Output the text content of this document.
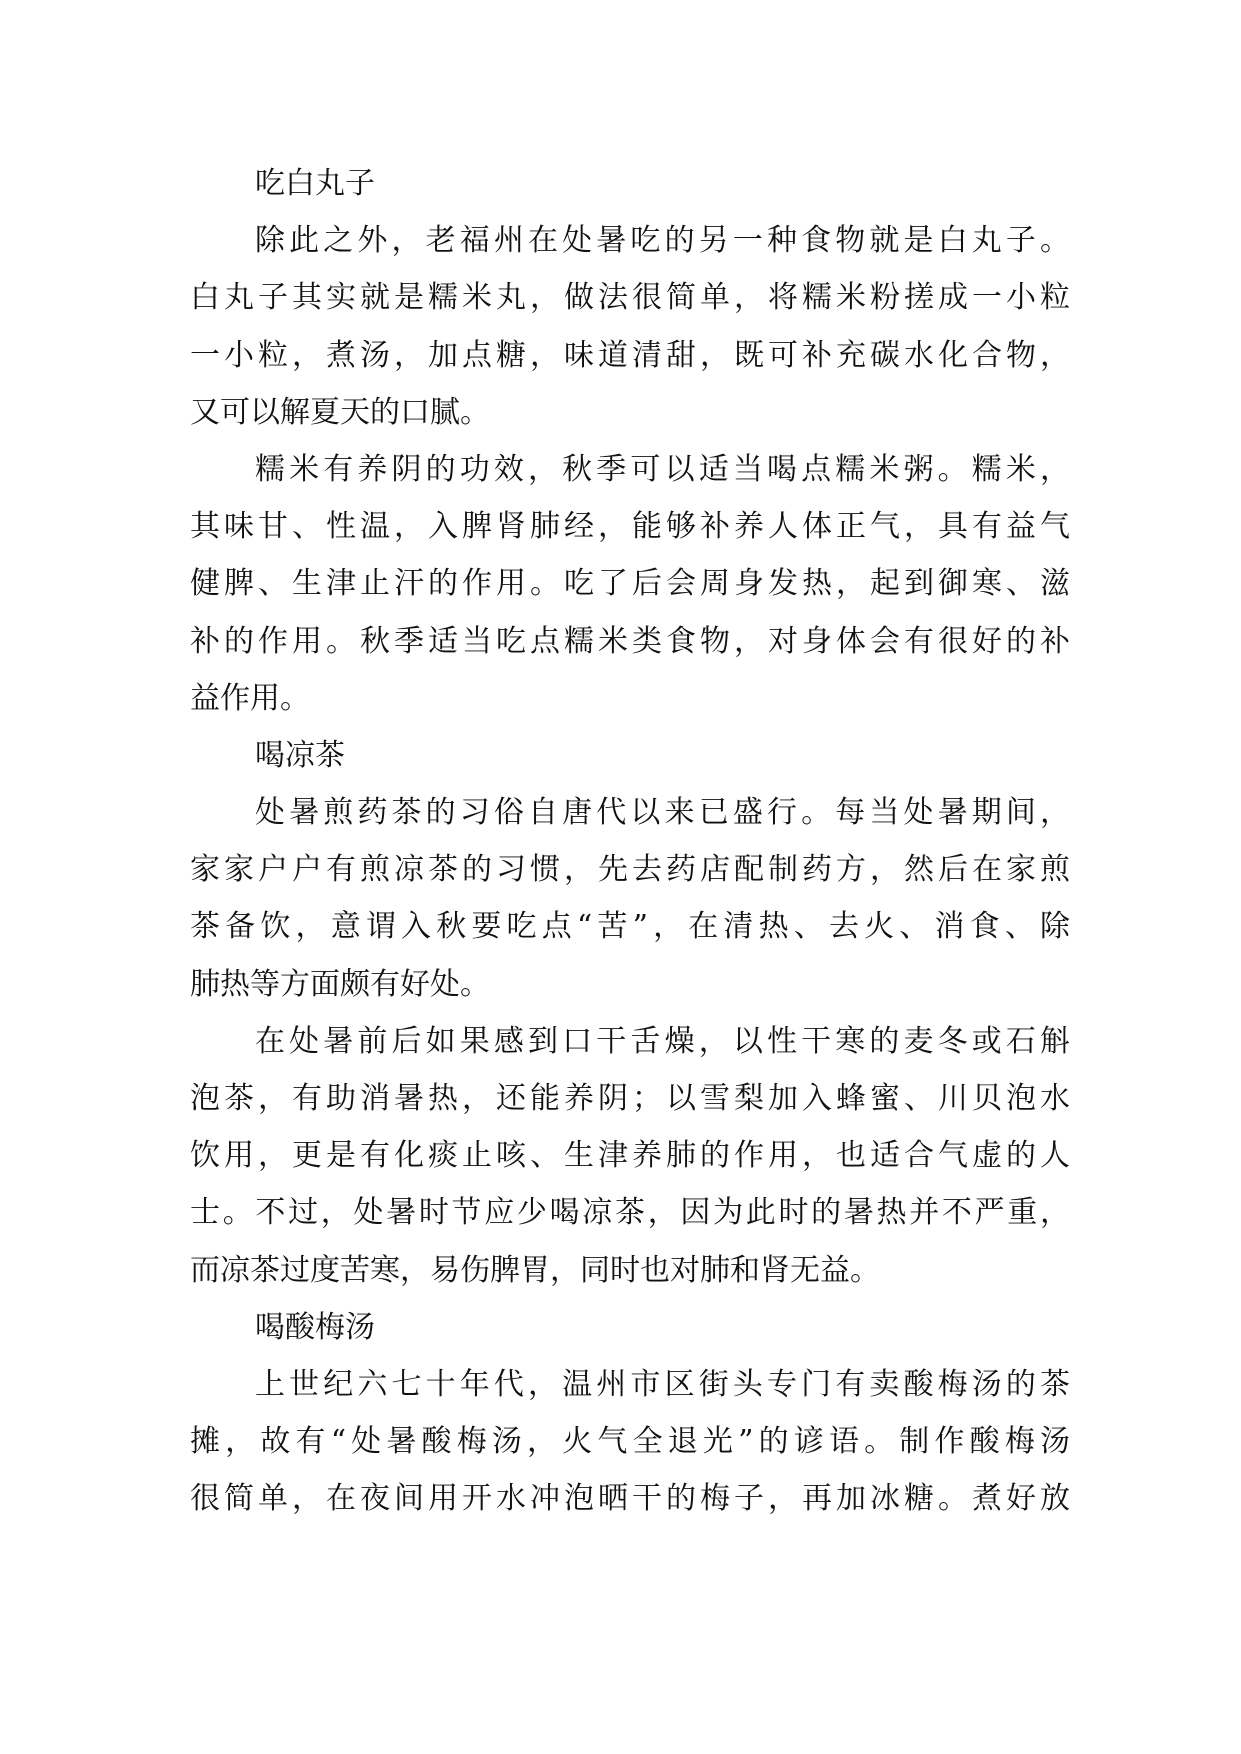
吃白丸子
除此之外，老福州在处暑吃的另一种食物就是白丸子。
白丸子其实就是糯米丸，做法很简单，将糯米粉搓成一小粒
一小粒，煮汤，加点糖，味道清甜，既可补充碳水化合物，
又可以解夏天的口腻。
糯米有养阴的功效，秋季可以适当喝点糯米粥。糯米，
其味甘、性温，入脾肾肺经，能够补养人体正气，具有益气
健脾、生津止汗的作用。吃了后会周身发热，起到御寒、滋
补的作用。秋季适当吃点糯米类食物，对身体会有很好的补
益作用。
喝凉茶
处暑煎药茶的习俗自唐代以来已盛行。每当处暑期间，
家家户户有煎凉茶的习惯，先去药店配制药方，然后在家煎
茶备饮，意谓入秋要吃点“苦”，在清热、去火、消食、除
肺热等方面颇有好处。
在处暑前后如果感到口干舌燥，以性干寒的麦冬或石斛
泡茶，有助消暑热，还能养阴；以雪梨加入蜂蜜、川贝泡水
饮用，更是有化痰止咳、生津养肺的作用，也适合气虚的人
士。不过，处暑时节应少喝凉茶，因为此时的暑热并不严重，
而凉茶过度苦寒，易伤脾胃，同时也对肺和肾无益。
喝酸梅汤
上世纪六七十年代，温州市区街头专门有卖酸梅汤的茶
摊，故有“处暑酸梅汤，火气全退光”的谚语。制作酸梅汤
很简单，在夜间用开水冲泡晒干的梅子，再加冰糖。煮好放
